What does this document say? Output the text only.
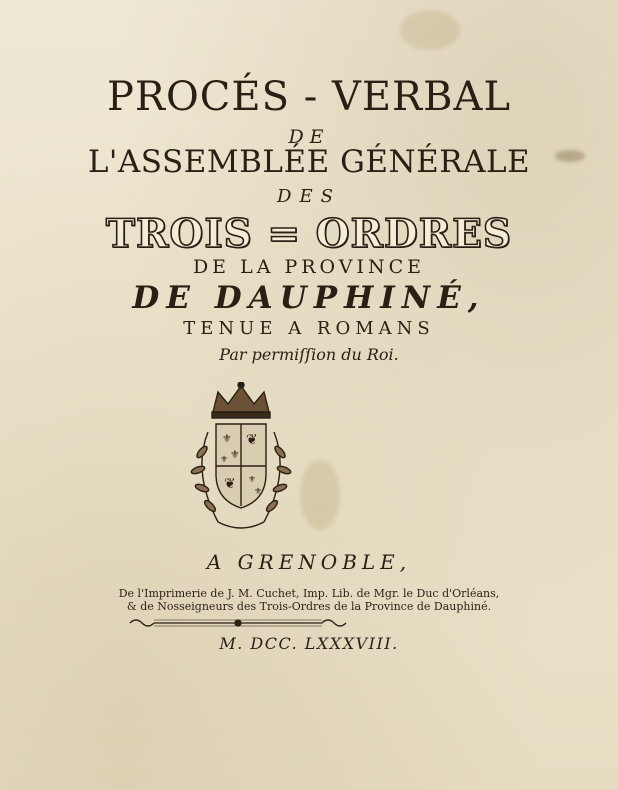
PROCÉS - VERBAL
DE
L'ASSEMBLÉE GÉNÉRALE
DES
TROIS = ORDRES
DE LA PROVINCE
DE DAUPHINÉ,
TENUE A ROMANS
Par permiſſion du Roi.
⚜
⚜
⚜
❦
❦ ⚜
⚜
A GRENOBLE,
De l'Imprimerie de J. M. Cuchet, Imp. Lib. de Mgr. le Duc d'Orléans,
& de Nosseigneurs des Trois-Ordres de la Province de Dauphiné.
M. DCC. LXXXVIII.
